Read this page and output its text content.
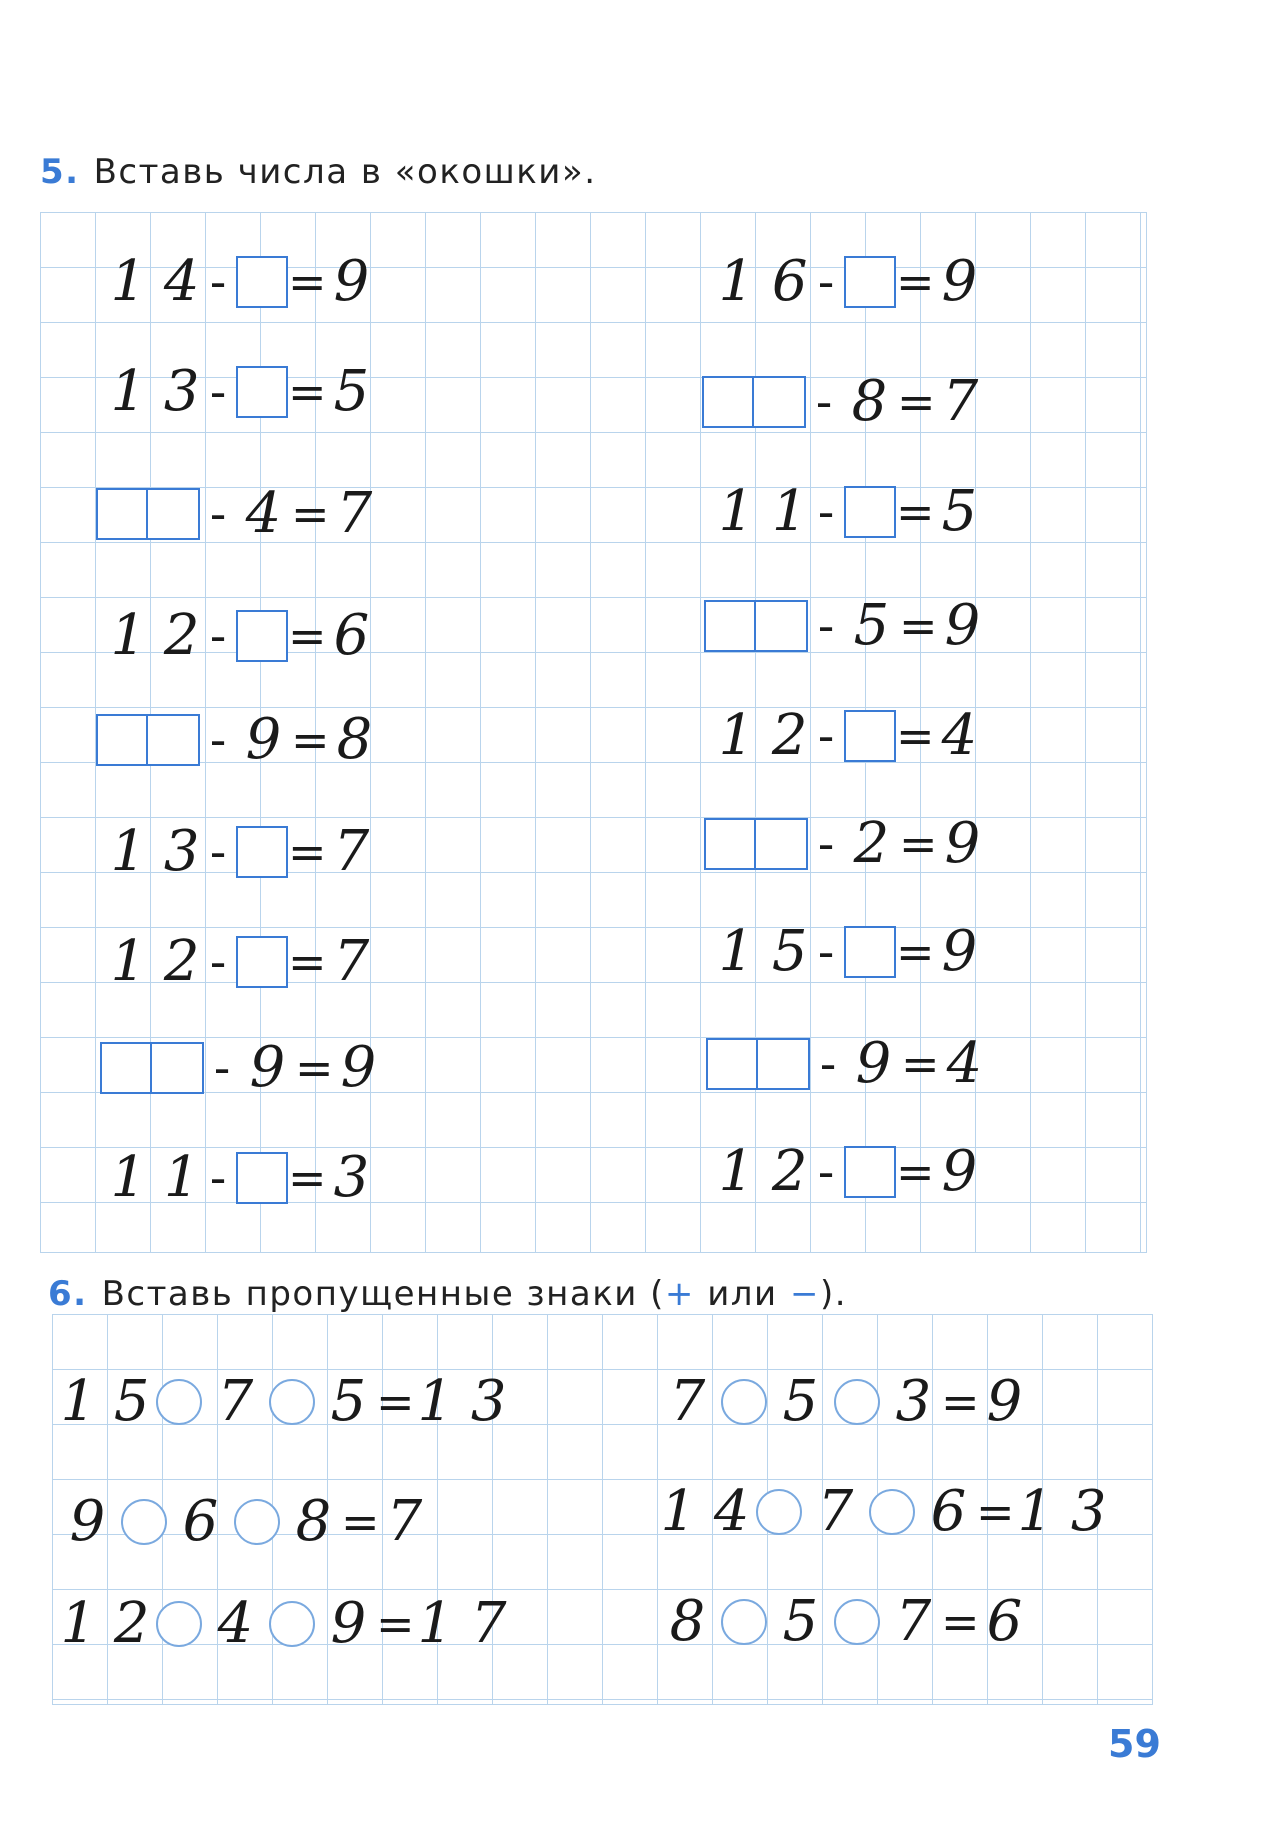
5. Вставь числа в «окошки».
1 4 - = 9
1 3 - = 5
- 4 = 7
1 2 - = 6
- 9 = 8
1 3 - = 7
1 2 - = 7
- 9 = 9
1 1 - = 3
1 6 - = 9
- 8 = 7
1 1 - = 5
- 5 = 9
1 2 - = 4
- 2 = 9
1 5 - = 9
- 9 = 4
1 2 - = 9
6. Вставь пропущенные знаки (+ или −).
1 5 7 5 = 1 3
9 6 8 = 7
1 2 4 9 = 1 7
7 5 3 = 9
1 4 7 6 = 1 3
8 5 7 = 6
59
